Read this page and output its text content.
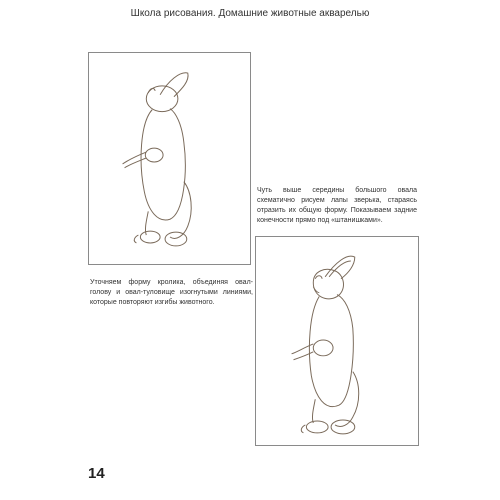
Школа рисования. Домашние животные акварелью

Уточняем форму кролика, объединяя овал-голову и овал-туловище изогнутыми линиями, которые повторяют изгибы животного.

Чуть выше середины большого овала схематично рисуем лапы зверька, стараясь отразить их общую форму. Показываем задние конечности прямо под «штанишками».

14
